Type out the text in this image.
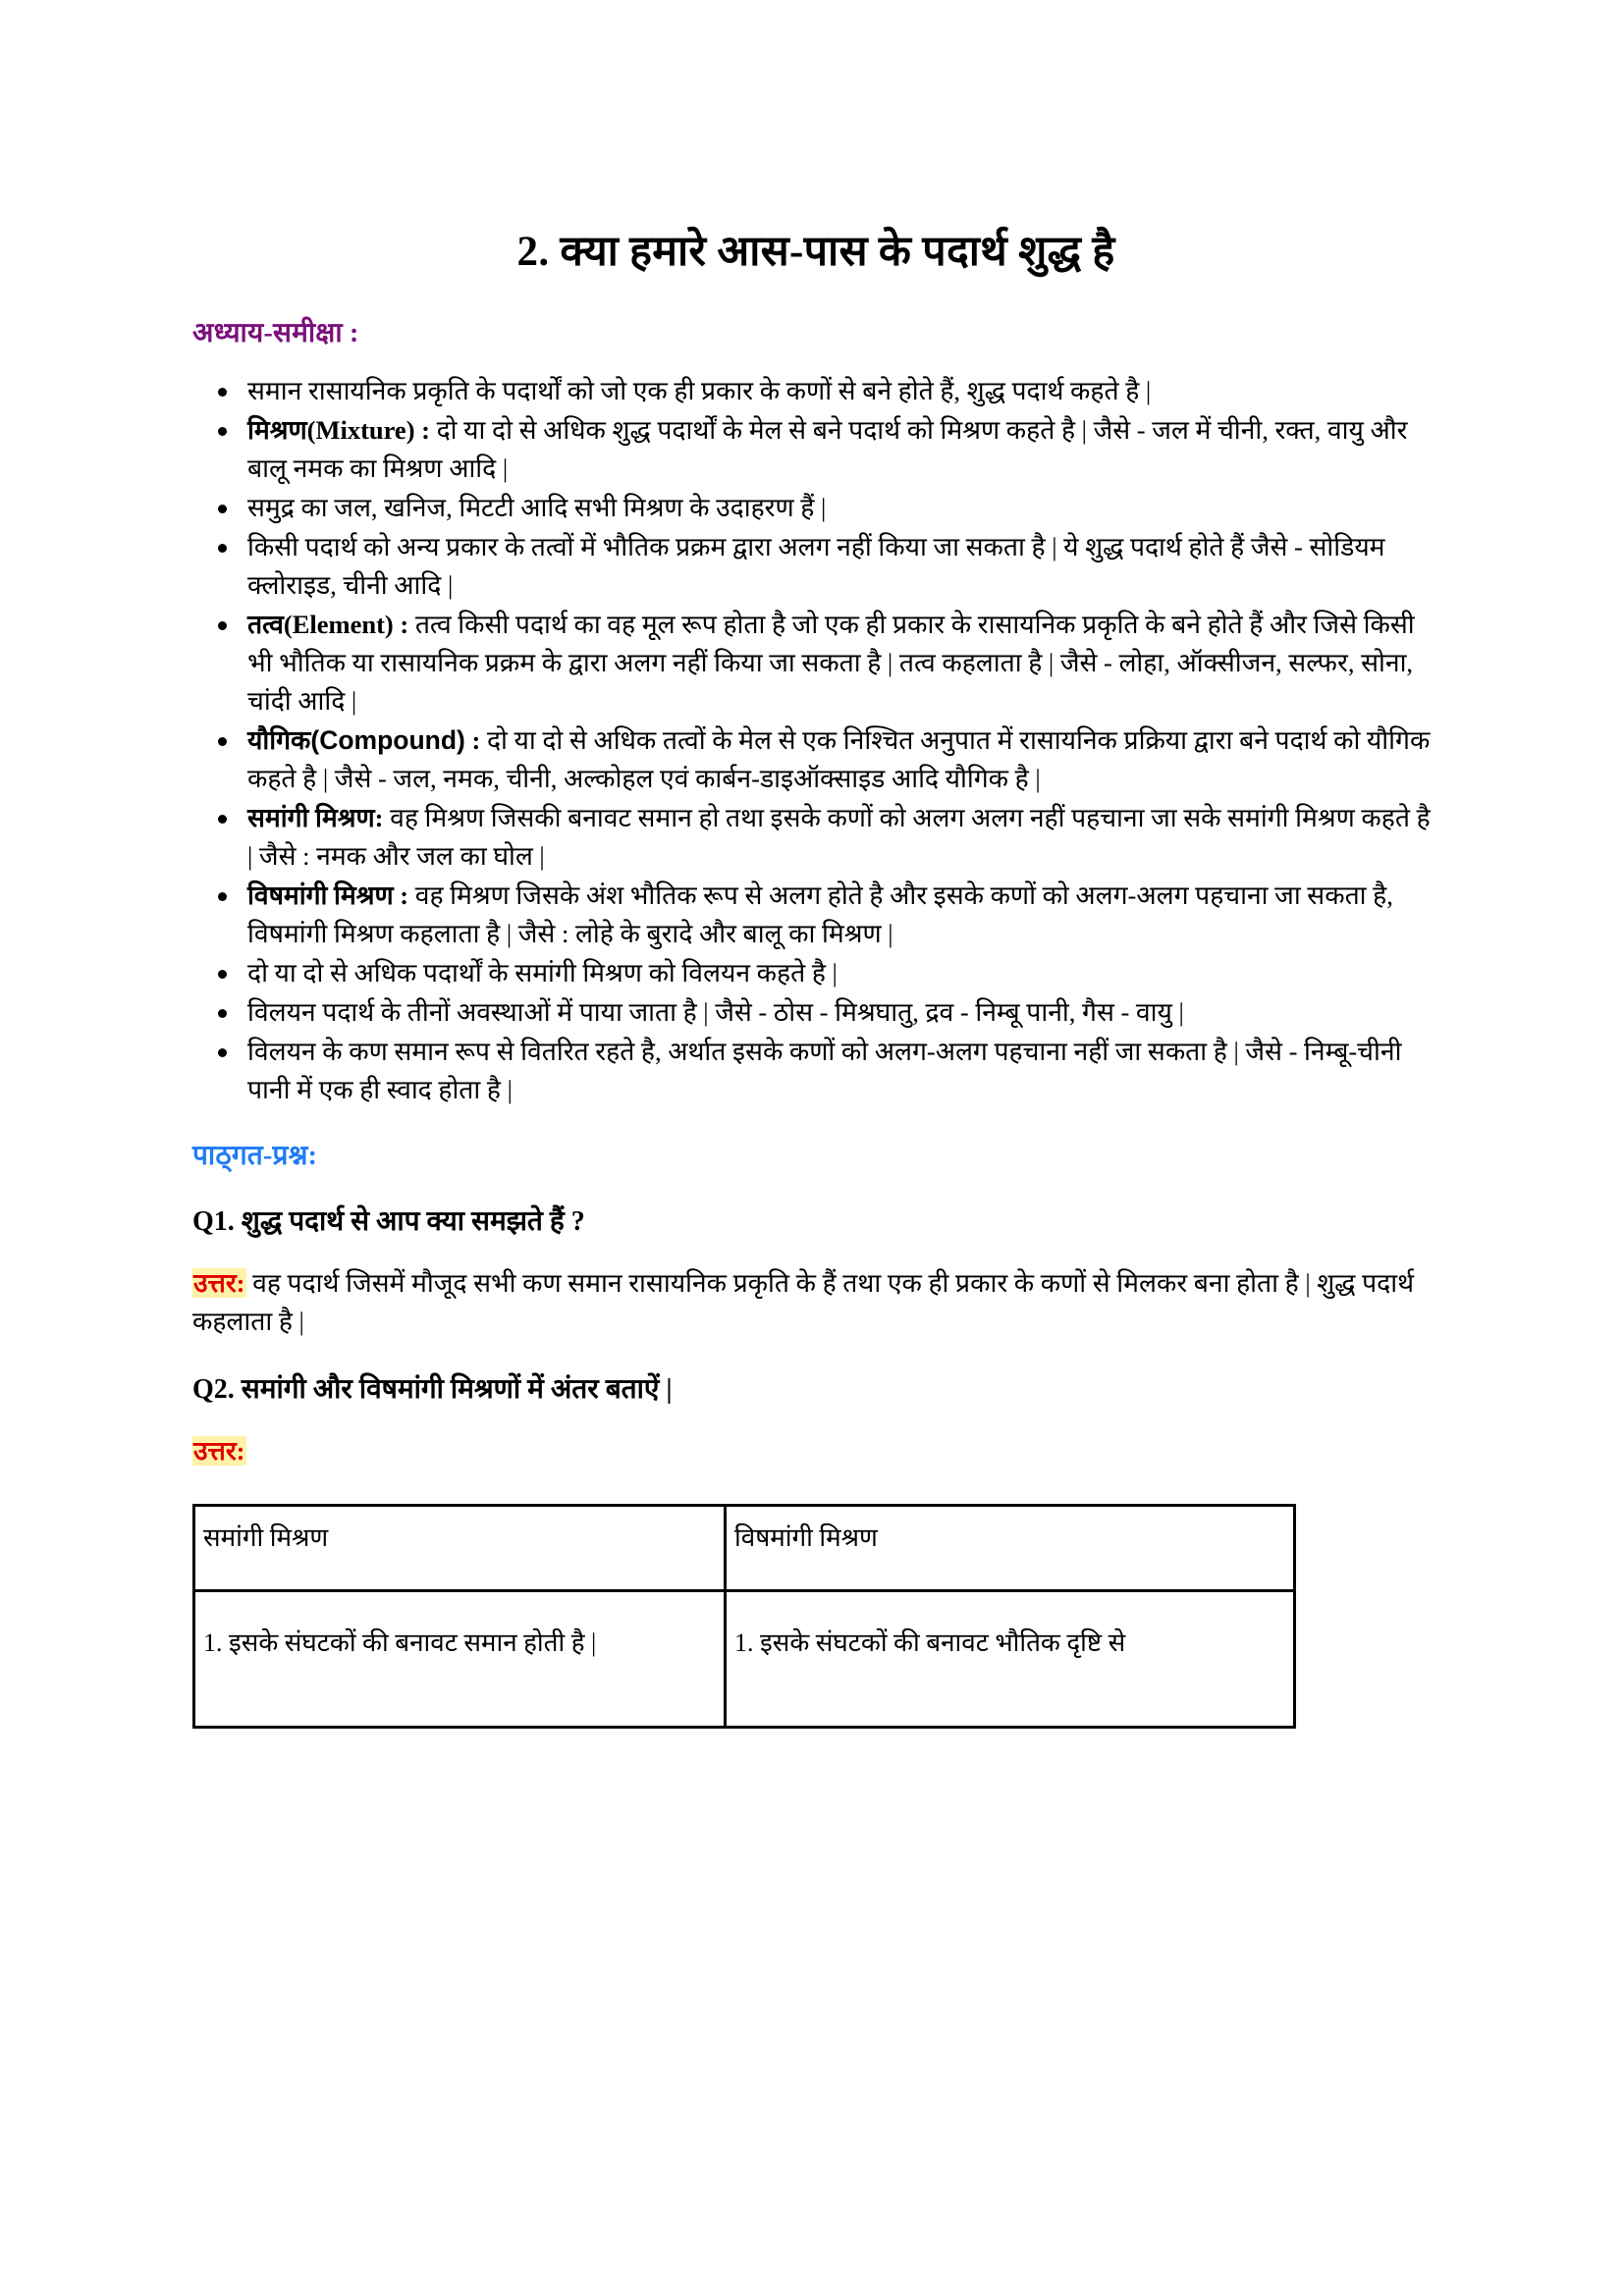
2. क्या हमारे आस-पास के पदार्थ शुद्ध है
अध्याय-समीक्षा :
समान रासायनिक प्रकृति के पदार्थों को जो एक ही प्रकार के कणों से बने होते हैं, शुद्ध पदार्थ कहते है |
मिश्रण(Mixture) : दो या दो से अधिक शुद्ध पदार्थों के मेल से बने पदार्थ को मिश्रण कहते है | जैसे - जल में चीनी, रक्त, वायु और बालू नमक का मिश्रण आदि |
समुद्र का जल, खनिज, मिटटी आदि सभी मिश्रण के उदाहरण हैं |
किसी पदार्थ को अन्य प्रकार के तत्वों में भौतिक प्रक्रम द्वारा अलग नहीं किया जा सकता है | ये शुद्ध पदार्थ होते हैं जैसे - सोडियम क्लोराइड, चीनी आदि |
तत्व(Element) : तत्व किसी पदार्थ का वह मूल रूप होता है जो एक ही प्रकार के रासायनिक प्रकृति के बने होते हैं और जिसे किसी भी भौतिक या रासायनिक प्रक्रम के द्वारा अलग नहीं किया जा सकता है | तत्व कहलाता है | जैसे - लोहा, ऑक्सीजन, सल्फर, सोना, चांदी आदि |
यौगिक(Compound) : दो या दो से अधिक तत्वों के मेल से एक निश्चित अनुपात में रासायनिक प्रक्रिया द्वारा बने पदार्थ को यौगिक कहते है | जैसे - जल, नमक, चीनी, अल्कोहल एवं कार्बन-डाइऑक्साइड आदि यौगिक है |
समांगी मिश्रण: वह मिश्रण जिसकी बनावट समान हो तथा इसके कणों को अलग अलग नहीं पहचाना जा सके समांगी मिश्रण कहते है | जैसे : नमक और जल का घोल |
विषमांगी मिश्रण : वह मिश्रण जिसके अंश भौतिक रूप से अलग होते है और इसके कणों को अलग-अलग पहचाना जा सकता है, विषमांगी मिश्रण कहलाता है | जैसे : लोहे के बुरादे और बालू का मिश्रण |
दो या दो से अधिक पदार्थों के समांगी मिश्रण को विलयन कहते है |
विलयन पदार्थ के तीनों अवस्थाओं में पाया जाता है | जैसे - ठोस - मिश्रघातु, द्रव - निम्बू पानी, गैस - वायु |
विलयन के कण समान रूप से वितरित रहते है, अर्थात इसके कणों को अलग-अलग पहचाना नहीं जा सकता है | जैसे - निम्बू-चीनी पानी में एक ही स्वाद होता है |
पाठ्गत-प्रश्न:
Q1. शुद्ध पदार्थ से आप क्या समझते हैं ?
उत्तर: वह पदार्थ जिसमें मौजूद सभी कण समान रासायनिक प्रकृति के हैं तथा एक ही प्रकार के कणों से मिलकर बना होता है | शुद्ध पदार्थ कहलाता है |
Q2. समांगी और विषमांगी मिश्रणों में अंतर बताऐं |
उत्तर:
समांगी मिश्रण	विषमांगी मिश्रण
1. इसके संघटकों की बनावट समान होती है |	1. इसके संघटकों की बनावट भौतिक दृष्टि से
